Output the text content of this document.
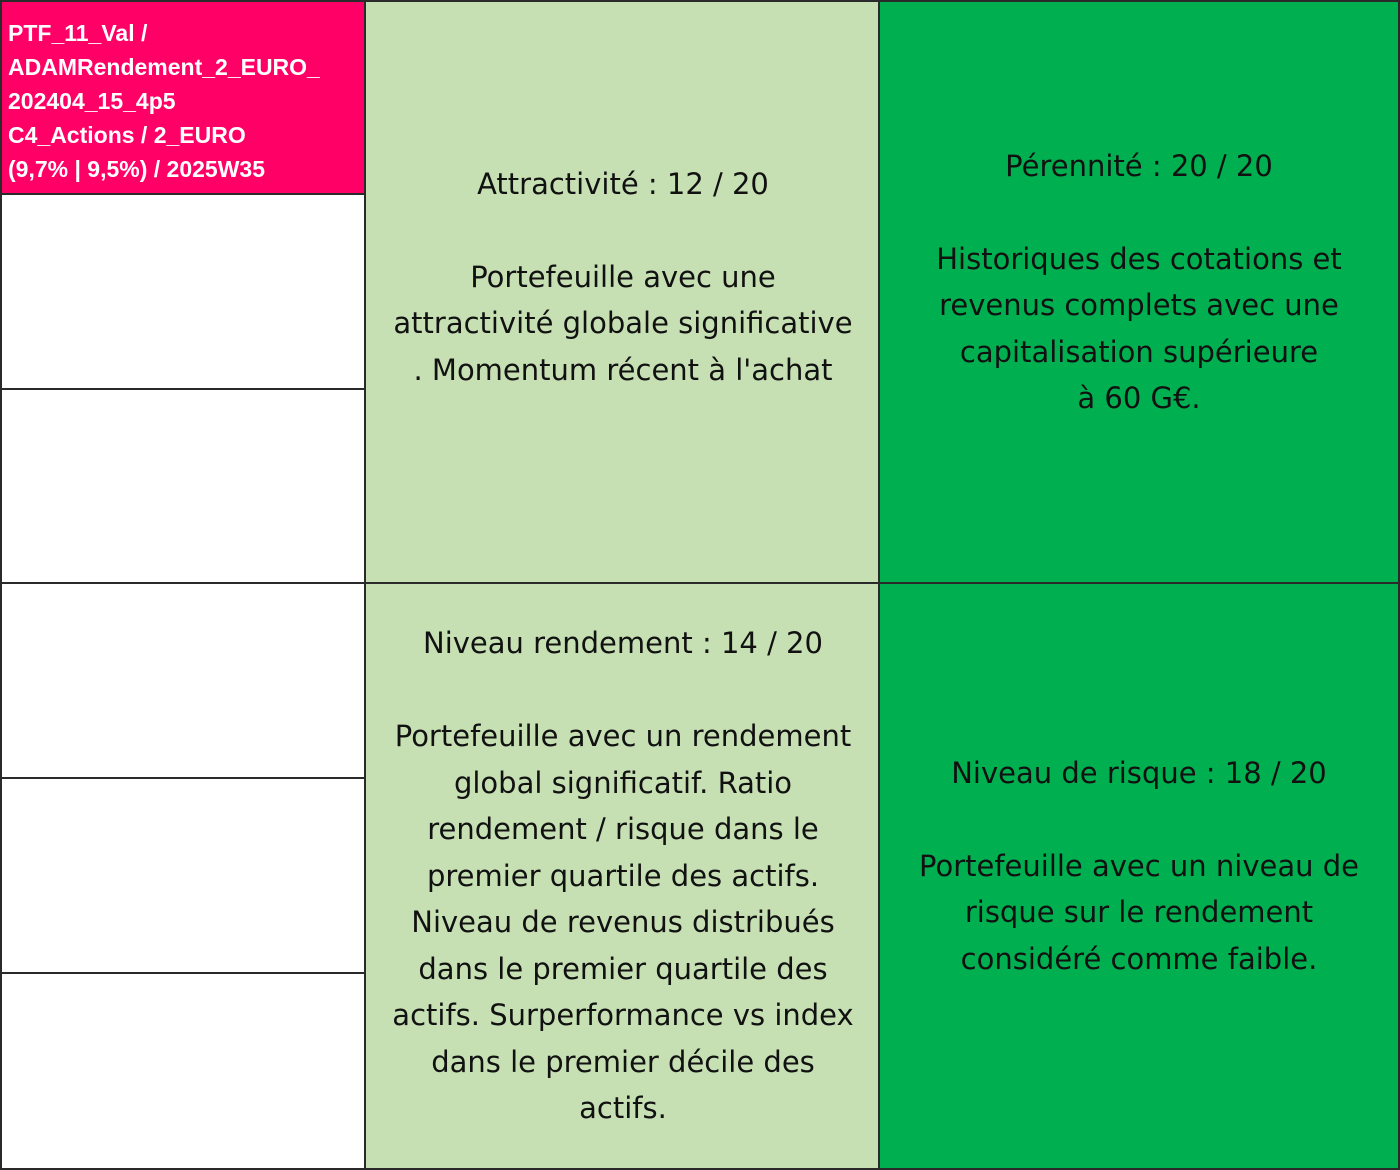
PTF_11_Val /
ADAMRendement_2_EURO_
202404_15_4p5
C4_Actions / 2_EURO
(9,7% | 9,5%) / 2025W35	Attractivité : 12 / 20
Portefeuille avec une
attractivité globale significative
. Momentum récent à l'achat
Pérennité : 20 / 20
Historiques des cotations et
revenus complets avec une
capitalisation supérieure
à 60 G€.
Niveau rendement : 14 / 20
Portefeuille avec un rendement
global significatif. Ratio
rendement / risque dans le
premier quartile des actifs.
Niveau de revenus distribués
dans le premier quartile des
actifs. Surperformance vs index
dans le premier décile des
actifs.
Niveau de risque : 18 / 20
Portefeuille avec un niveau de
risque sur le rendement
considéré comme faible.
